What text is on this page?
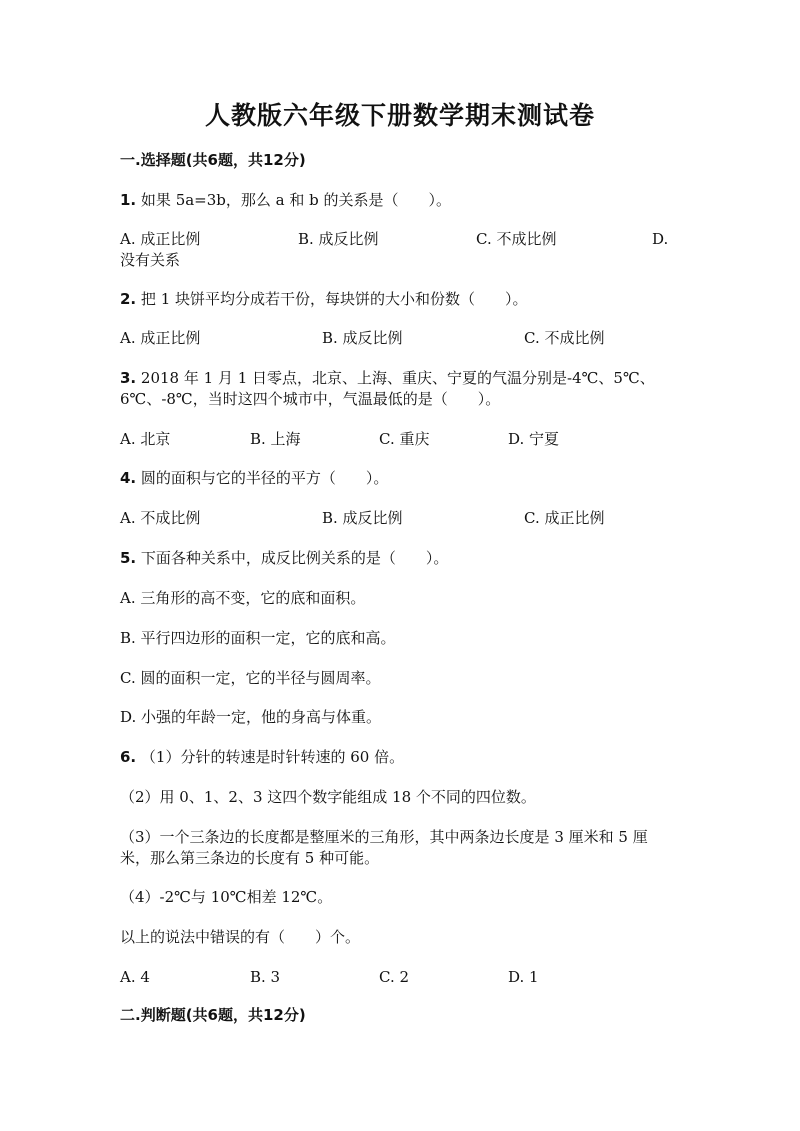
人教版六年级下册数学期末测试卷
一.选择题(共6题，共12分)
1. 如果 5a=3b，那么 a 和 b 的关系是（　　）。
A. 成正比例	B. 成反比例	C. 不成比例	D.
没有关系
2. 把 1 块饼平均分成若干份，每块饼的大小和份数（　　）。
A. 成正比例	B. 成反比例	C. 不成比例
3. 2018 年 1 月 1 日零点，北京、上海、重庆、宁夏的气温分别是-4℃、5℃、
6℃、-8℃，当时这四个城市中，气温最低的是（　　）。
A. 北京	B. 上海	C. 重庆	D. 宁夏
4. 圆的面积与它的半径的平方（　　）。
A. 不成比例	B. 成反比例	C. 成正比例
5. 下面各种关系中，成反比例关系的是（　　）。
A. 三角形的高不变，它的底和面积。
B. 平行四边形的面积一定，它的底和高。
C. 圆的面积一定，它的半径与圆周率。
D. 小强的年龄一定，他的身高与体重。
6. （1）分针的转速是时针转速的 60 倍。
（2）用 0、1、2、3 这四个数字能组成 18 个不同的四位数。
（3）一个三条边的长度都是整厘米的三角形，其中两条边长度是 3 厘米和 5 厘
米，那么第三条边的长度有 5 种可能。
（4）-2℃与 10℃相差 12℃。
以上的说法中错误的有（　　）个。
A. 4	B. 3	C. 2	D. 1
二.判断题(共6题，共12分)
